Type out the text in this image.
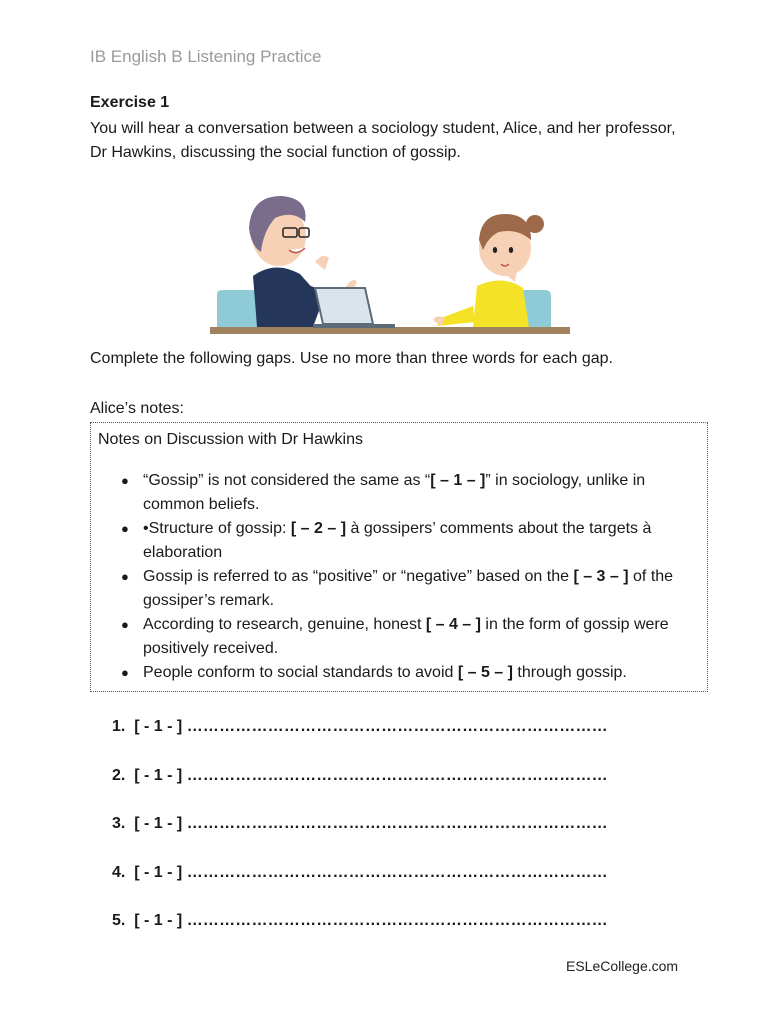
IB English B Listening Practice
Exercise 1
You will hear a conversation between a sociology student, Alice, and her professor, Dr Hawkins, discussing the social function of gossip.
Complete the following gaps. Use no more than three words for each gap.
Alice’s notes:
Notes on Discussion with Dr Hawkins
● “Gossip” is not considered the same as “[ – 1 – ]” in sociology, unlike in common beliefs.
● •Structure of gossip: [ – 2 – ] à gossipers’ comments about the targets à elaboration
● Gossip is referred to as “positive” or “negative” based on the [ – 3 – ] of the gossiper’s remark.
● According to research, genuine, honest [ – 4 – ] in the form of gossip were positively received.
● People conform to social standards to avoid [ – 5 – ] through gossip.
1. [ - 1 - ] ……………………………………………………………………
2. [ - 1 - ] ……………………………………………………………………
3. [ - 1 - ] ……………………………………………………………………
4. [ - 1 - ] ……………………………………………………………………
5. [ - 1 - ] ……………………………………………………………………
ESLeCollege.com
